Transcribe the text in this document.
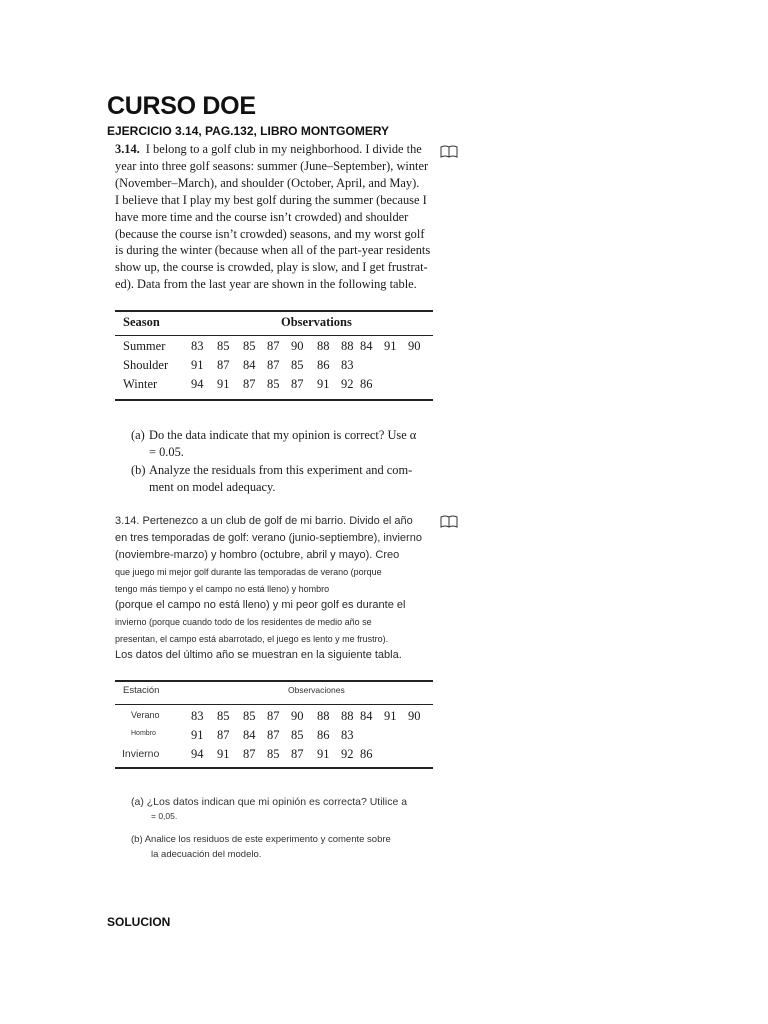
CURSO DOE
EJERCICIO 3.14, PAG.132, LIBRO MONTGOMERY
3.14. I belong to a golf club in my neighborhood. I divide the
year into three golf seasons: summer (June–September), winter
(November–March), and shoulder (October, April, and May).
I believe that I play my best golf during the summer (because I
have more time and the course isn’t crowded) and shoulder
(because the course isn’t crowded) seasons, and my worst golf
is during the winter (because when all of the part-year residents
show up, the course is crowded, play is slow, and I get frustrat-
ed). Data from the last year are shown in the following table.
Season	Observations
Summer
Shoulder
Winter
83 85 85 87 90 88 88 84 91 90
91 87 84 87 85 86 83
94 91 87 85 87 91 92 86
(a) Do the data indicate that my opinion is correct? Use α
= 0.05.
(b) Analyze the residuals from this experiment and com-
ment on model adequacy.
3.14. Pertenezco a un club de golf de mi barrio. Divido el año
en tres temporadas de golf: verano (junio-septiembre), invierno
(noviembre-marzo) y hombro (octubre, abril y mayo). Creo
que juego mi mejor golf durante las temporadas de verano (porque
tengo más tiempo y el campo no está lleno) y hombro
(porque el campo no está lleno) y mi peor golf es durante el
invierno (porque cuando todo de los residentes de medio año se
presentan, el campo está abarrotado, el juego es lento y me frustro).
Los datos del último año se muestran en la siguiente tabla.
Estación	Observaciones
Verano
Hombro
Invierno
83 85 85 87 90 88 88 84 91 90
91 87 84 87 85 86 83
94 91 87 85 87 91 92 86
(a) ¿Los datos indican que mi opinión es correcta? Utilice a
= 0,05.
(b) Analice los residuos de este experimento y comente sobre
la adecuación del modelo.
SOLUCION
